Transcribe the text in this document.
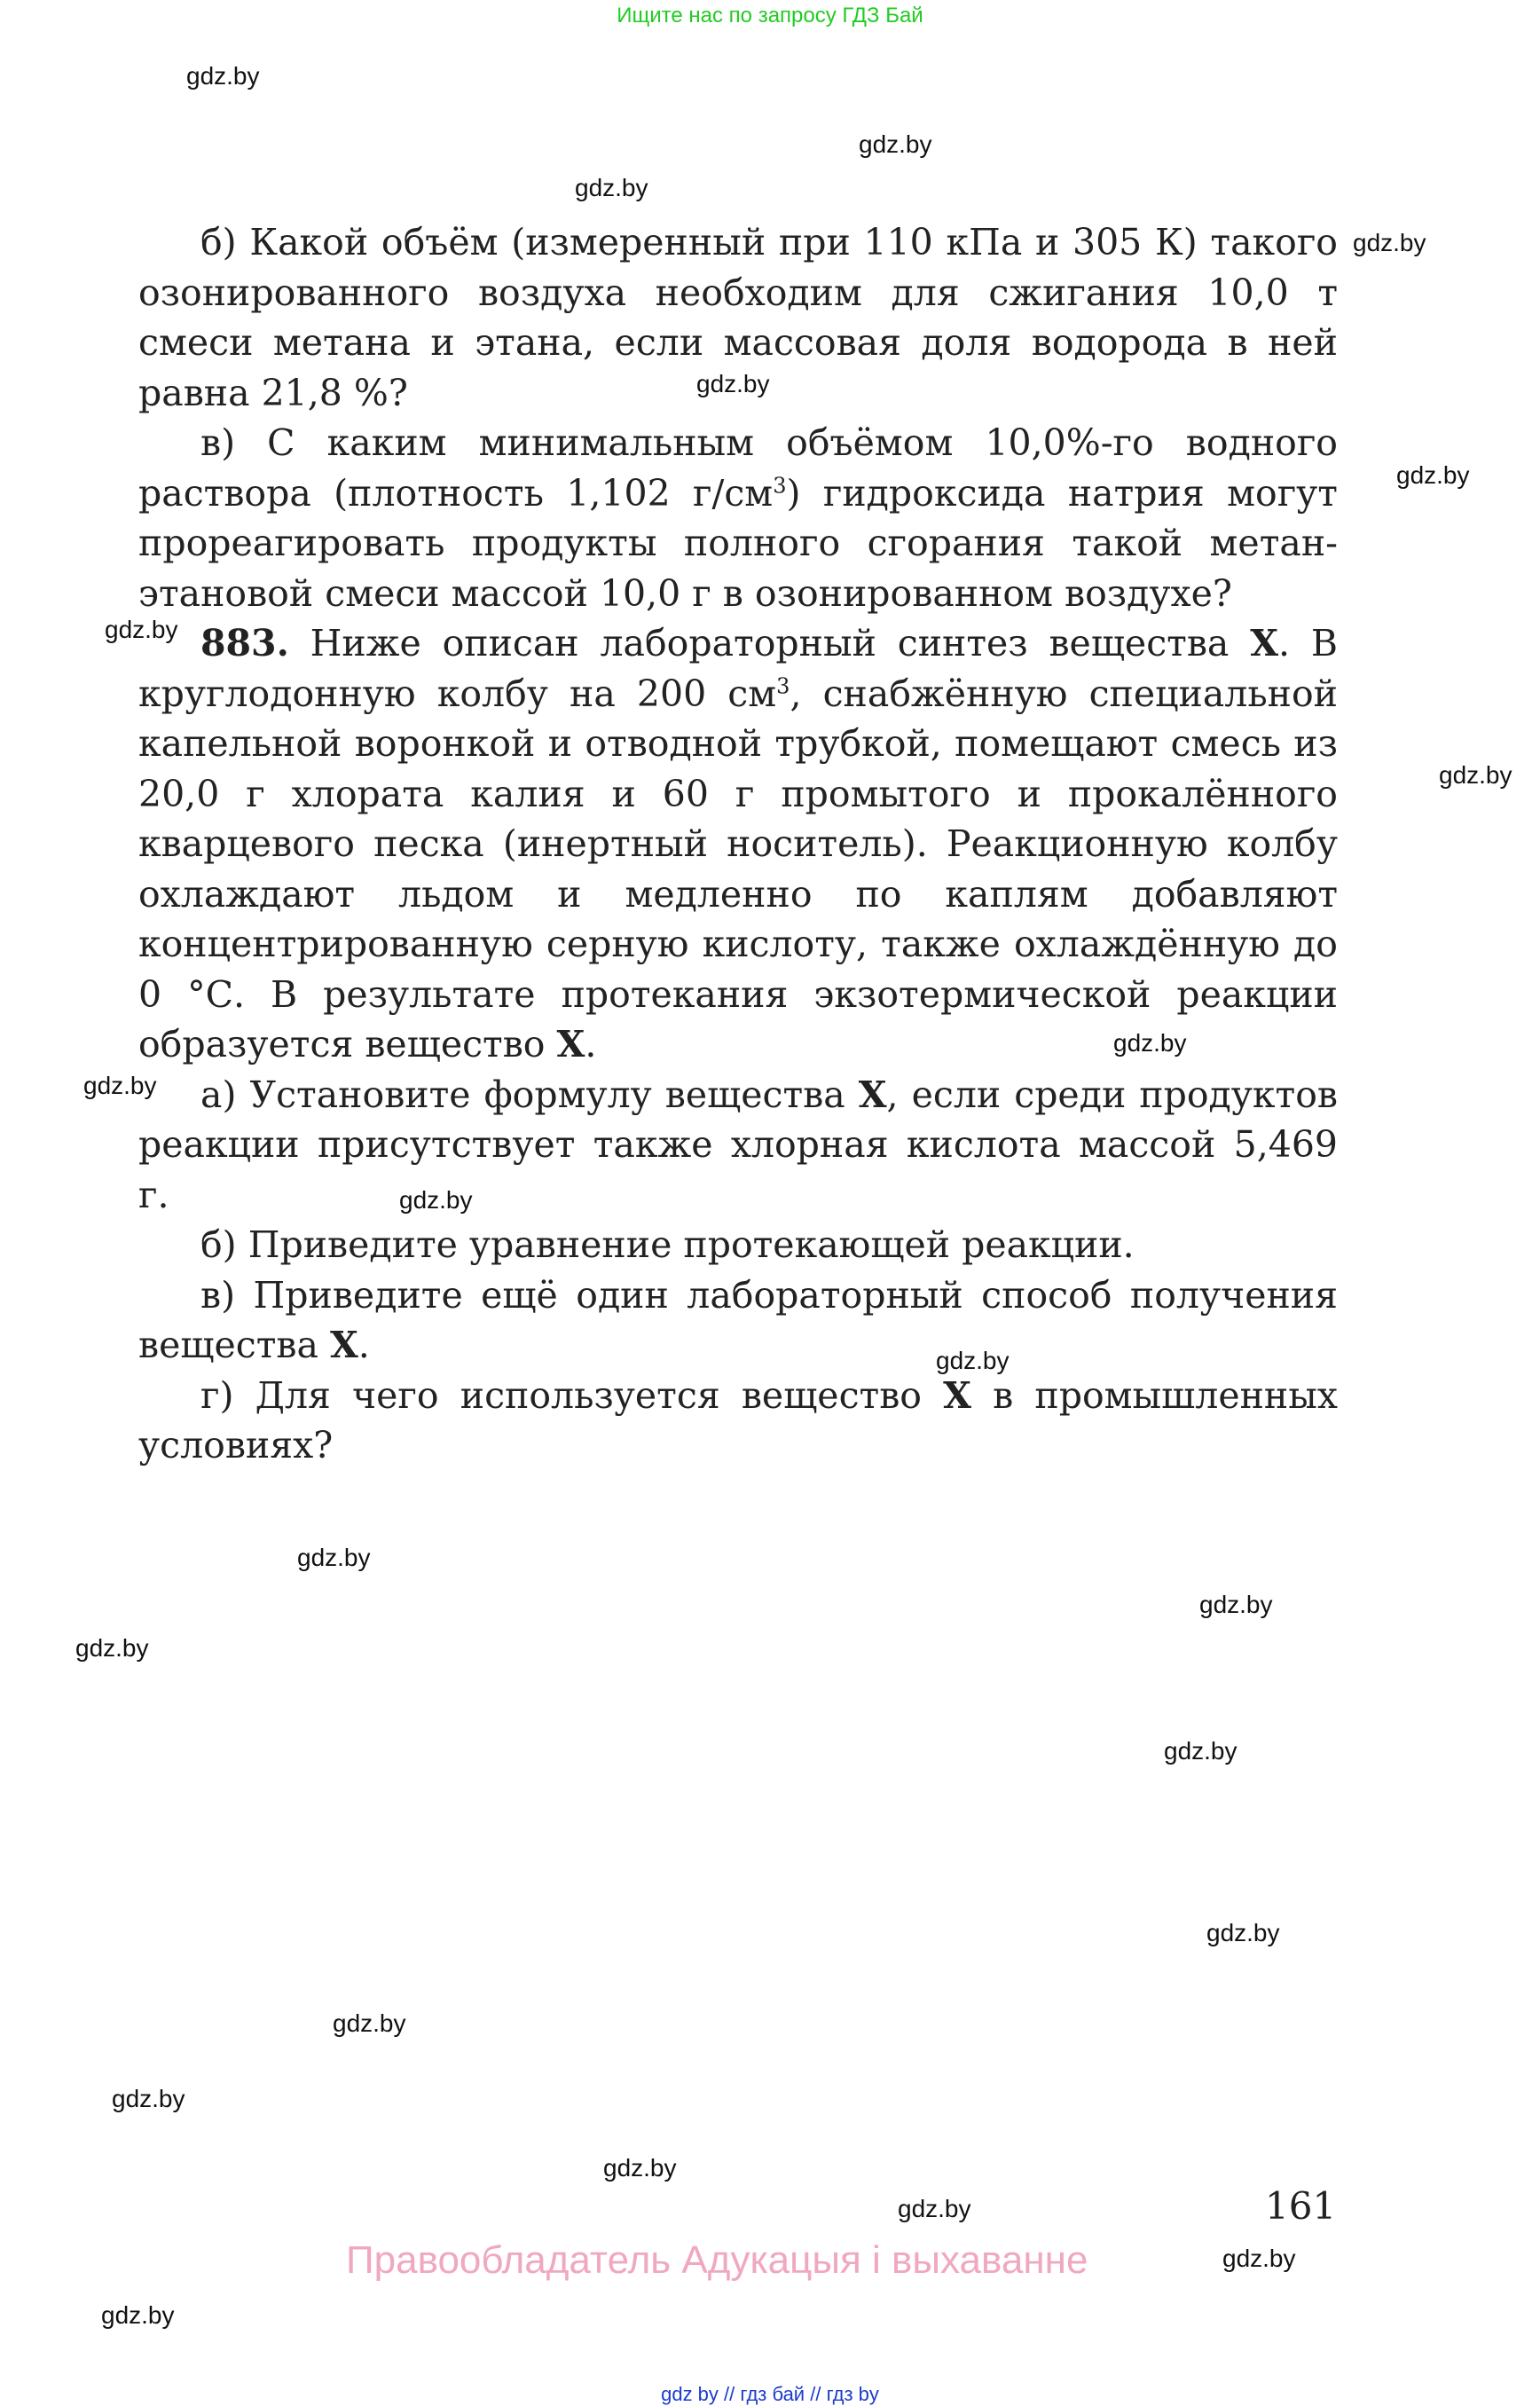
Ищите нас по запросу ГДЗ Бай

б) Какой объём (измеренный при 110 кПа и 305 К) такого озонированного воздуха необходим для сжигания 10,0 т смеси метана и этана, если массовая доля водорода в ней равна 21,8 %?

в) С каким минимальным объёмом 10,0%-го водного раствора (плотность 1,102 $г/см^3$) гидроксида натрия могут прореагировать продукты полного сгорания такой метан-этановой смеси массой 10,0 г в озонированном воздухе?

883. Ниже описан лабораторный синтез вещества X. В круглодонную колбу на 200 $см^3$, снабжённую специальной капельной воронкой и отводной трубкой, помещают смесь из 20,0 г хлората калия и 60 г промытого и прокалённого кварцевого песка (инертный носитель). Реакционную колбу охлаждают льдом и медленно по каплям добавляют концентрированную серную кислоту, также охлаждённую до 0 °С. В результате протекания экзотермической реакции образуется вещество X.

а) Установите формулу вещества X, если среди продуктов реакции присутствует также хлорная кислота массой 5,469 г.

б) Приведите уравнение протекающей реакции.

в) Приведите ещё один лабораторный способ получения вещества X.

г) Для чего используется вещество X в промышленных условиях?

gdz.by
gdz.by
gdz.by
gdz.by
gdz.by
gdz.by
gdz.by
gdz.by
gdz.by
gdz.by
gdz.by
gdz.by
gdz.by
gdz.by
gdz.by
gdz.by
gdz.by
gdz.by
gdz.by
gdz.by
gdz.by
gdz.by
gdz.by
161
Правообладатель Адукацыя і выхаванне
gdz by // гдз бай // гдз by
